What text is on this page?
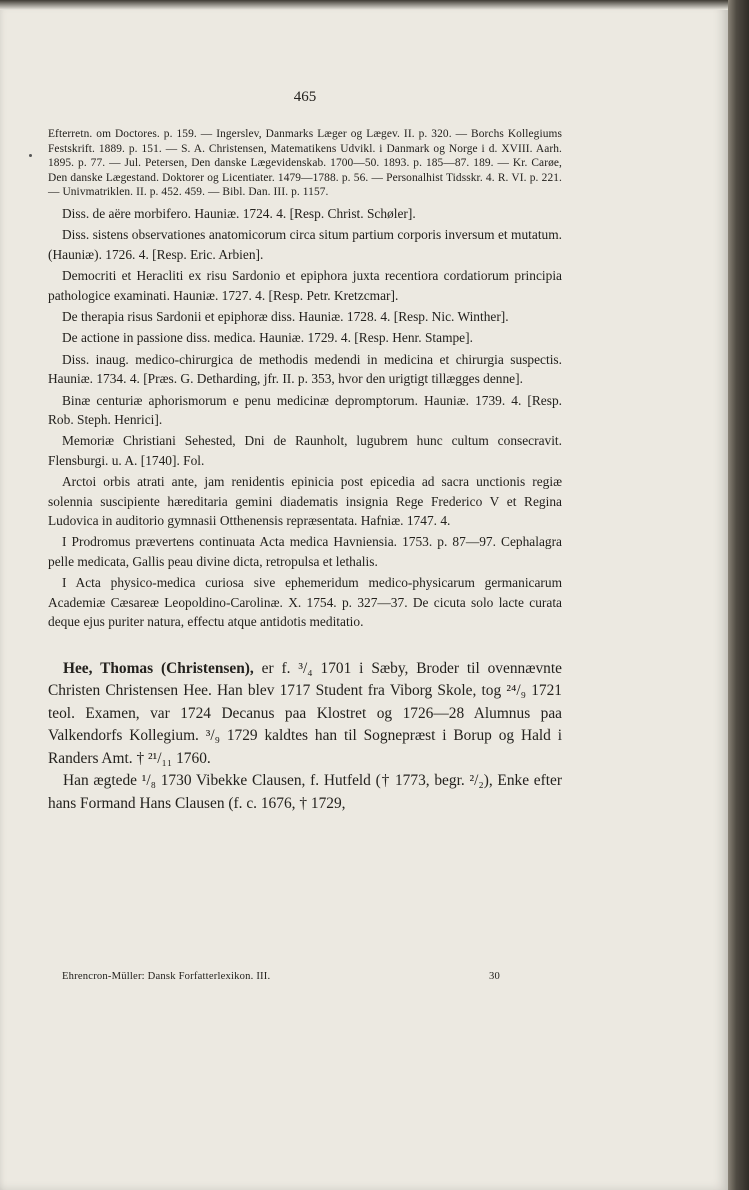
465

Efterretn. om Doctores. p. 159. — Ingerslev, Danmarks Læger og Lægev. II. p. 320. — Borchs Kollegiums Festskrift. 1889. p. 151. — S. A. Christensen, Matematikens Udvikl. i Danmark og Norge i d. XVIII. Aarh. 1895. p. 77. — Jul. Petersen, Den danske Lægevidenskab. 1700—50. 1893. p. 185—87. 189. — Kr. Carøe, Den danske Lægestand. Doktorer og Licentiater. 1479—1788. p. 56. — Personalhist Tidsskr. 4. R. VI. p. 221. — Univmatriklen. II. p. 452. 459. — Bibl. Dan. III. p. 1157.

Diss. de aëre morbifero. Hauniæ. 1724. 4. [Resp. Christ. Schøler].

Diss. sistens observationes anatomicorum circa situm partium corporis inversum et mutatum. (Hauniæ). 1726. 4. [Resp. Eric. Arbien].

Democriti et Heracliti ex risu Sardonio et epiphora juxta recentiora cordatiorum principia pathologice examinati. Hauniæ. 1727. 4. [Resp. Petr. Kretzcmar].

De therapia risus Sardonii et epiphoræ diss. Hauniæ. 1728. 4. [Resp. Nic. Winther].

De actione in passione diss. medica. Hauniæ. 1729. 4. [Resp. Henr. Stampe].

Diss. inaug. medico-chirurgica de methodis medendi in medicina et chirurgia suspectis. Hauniæ. 1734. 4. [Præs. G. Detharding, jfr. II. p. 353, hvor den urigtigt tillægges denne].

Binæ centuriæ aphorismorum e penu medicinæ depromptorum. Hauniæ. 1739. 4. [Resp. Rob. Steph. Henrici].

Memoriæ Christiani Sehested, Dni de Raunholt, lugubrem hunc cultum consecravit. Flensburgi. u. A. [1740]. Fol.

Arctoi orbis atrati ante, jam renidentis epinicia post epicedia ad sacra unctionis regiæ solennia suscipiente hæreditaria gemini diadematis insignia Rege Frederico V et Regina Ludovica in auditorio gymnasii Otthenensis repræsentata. Hafniæ. 1747. 4.

I Prodromus prævertens continuata Acta medica Havniensia. 1753. p. 87—97. Cephalagra pelle medicata, Gallis peau divine dicta, retropulsa et lethalis.

I Acta physico-medica curiosa sive ephemeridum medico-physicarum germanicarum Academiæ Cæsareæ Leopoldino-Carolinæ. X. 1754. p. 327—37. De cicuta solo lacte curata deque ejus puriter natura, effectu atque antidotis meditatio.

Hee, Thomas (Christensen), er f. ³/₄ 1701 i Sæby, Broder til ovennævnte Christen Christensen Hee. Han blev 1717 Student fra Viborg Skole, tog ²⁴/₉ 1721 teol. Examen, var 1724 Decanus paa Klostret og 1726—28 Alumnus paa Valkendorfs Kollegium. ³/₉ 1729 kaldtes han til Sognepræst i Borup og Hald i Randers Amt. † ²¹/₁₁ 1760.

Han ægtede ¹/₈ 1730 Vibekke Clausen, f. Hutfeld († 1773, begr. ²/₂), Enke efter hans Formand Hans Clausen (f. c. 1676, † 1729,

Ehrencron-Müller: Dansk Forfatterlexikon. III.	30
